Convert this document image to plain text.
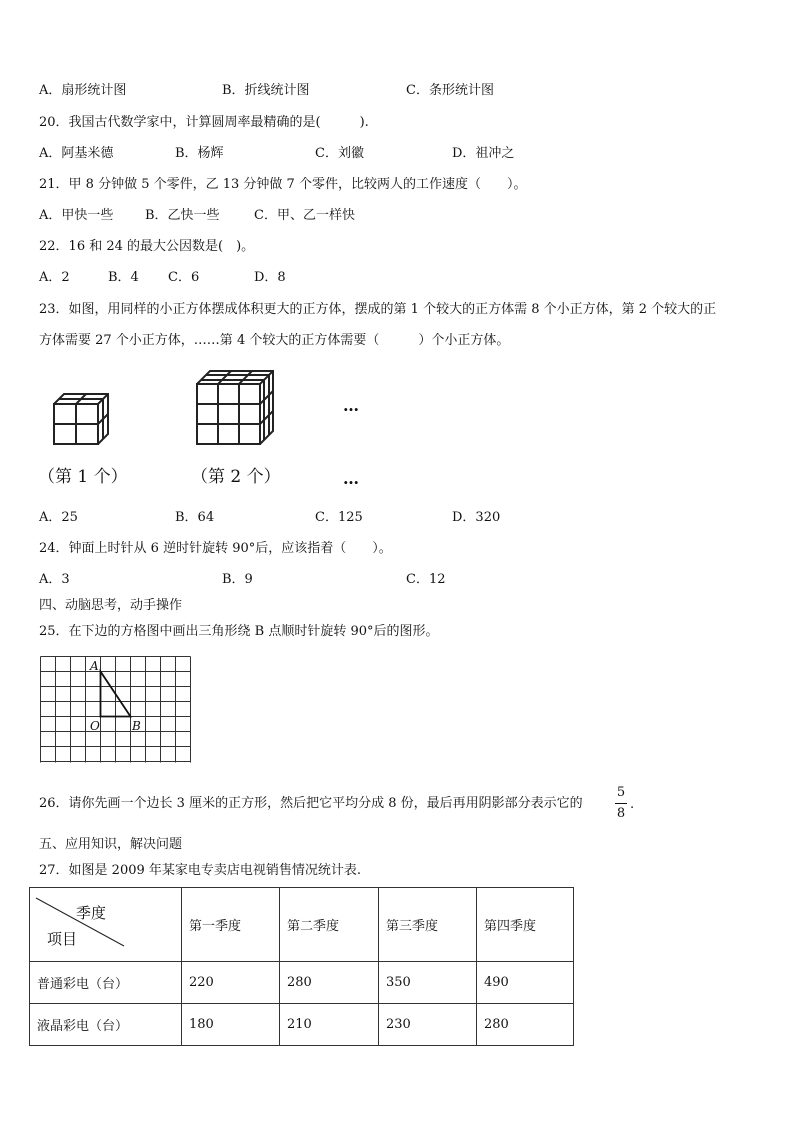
A．扇形统计图	B．折线统计图	C．条形统计图
20．我国古代数学家中，计算圆周率最精确的是(　　　).
A．阿基米德	B．杨辉	C．刘徽	D．祖冲之
21．甲 8 分钟做 5 个零件，乙 13 分钟做 7 个零件，比较两人的工作速度（　　）。
A．甲快一些 B．乙快一些	C．甲、乙一样快
22．16 和 24 的最大公因数是(　)。
A．2	B．4 C．6	D．8
23．如图，用同样的小正方体摆成体积更大的正方体，摆成的第 1 个较大的正方体需 8 个小正方体，第 2 个较大的正
方体需要 27 个小正方体，……第 4 个较大的正方体需要（　　　）个小正方体。
…
（第 1 个）	（第 2 个）	…
A．25	B．64	C．125	D．320
24．钟面上时针从 6 逆时针旋转 90°后，应该指着（　　）。
A．3	B．9	C．12
四、动脑思考，动手操作
25．在下边的方格图中画出三角形绕 B 点顺时针旋转 90°后的图形。
A
O	B
26．请你先画一个边长 3 厘米的正方形，然后把它平均分成 8 份，最后再用阴影部分表示它的
5
8
.
五、应用知识，解决问题
27．如图是 2009 年某家电专卖店电视销售情况统计表.
季度
项目	第一季度	第二季度	第三季度	第四季度
普通彩电（台）	220	280	350	490
液晶彩电（台）	180	210	230	280
